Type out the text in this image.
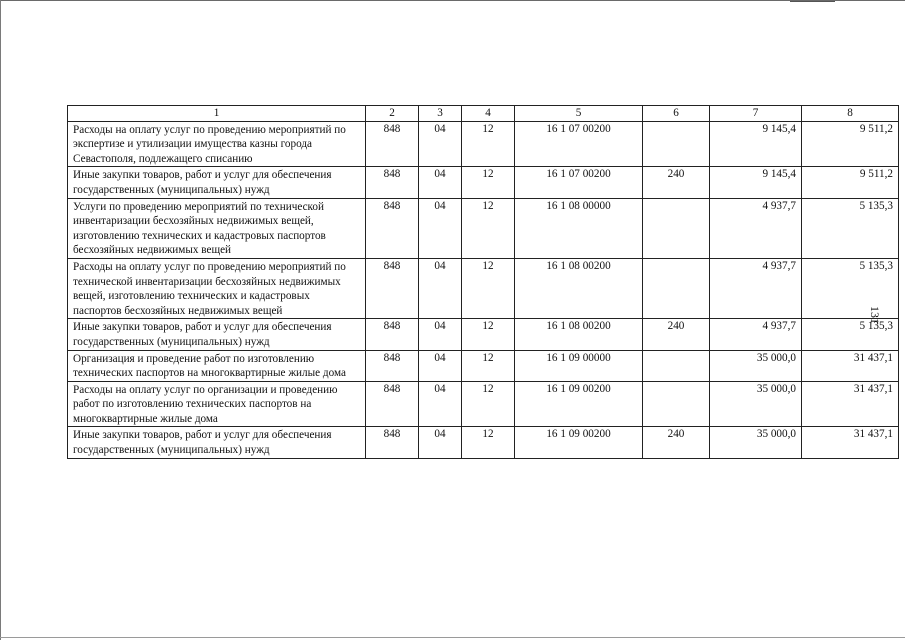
131
1	2	3	4	5	6	7	8
Расходы на оплату услуг по проведению мероприятий по экспертизе и утилизации имущества казны города Севастополя, подлежащего списанию	848	04	12	16 1 07 00200		9 145,4	9 511,2
Иные закупки товаров, работ и услуг для обеспечения государственных (муниципальных) нужд	848	04	12	16 1 07 00200	240	9 145,4	9 511,2
Услуги по проведению мероприятий по технической инвентаризации бесхозяйных недвижимых вещей, изготовлению технических и кадастровых паспортов бесхозяйных недвижимых вещей	848	04	12	16 1 08 00000		4 937,7	5 135,3
Расходы на оплату услуг по проведению мероприятий по технической инвентаризации бесхозяйных недвижимых вещей, изготовлению технических и кадастровых паспортов бесхозяйных недвижимых вещей	848	04	12	16 1 08 00200		4 937,7	5 135,3
Иные закупки товаров, работ и услуг для обеспечения государственных (муниципальных) нужд	848	04	12	16 1 08 00200	240	4 937,7	5 135,3
Организация и проведение работ по изготовлению технических паспортов на многоквартирные жилые дома	848	04	12	16 1 09 00000		35 000,0	31 437,1
Расходы на оплату услуг по организации и проведению работ по изготовлению технических паспортов на многоквартирные жилые дома	848	04	12	16 1 09 00200		35 000,0	31 437,1
Иные закупки товаров, работ и услуг для обеспечения государственных (муниципальных) нужд	848	04	12	16 1 09 00200	240	35 000,0	31 437,1
